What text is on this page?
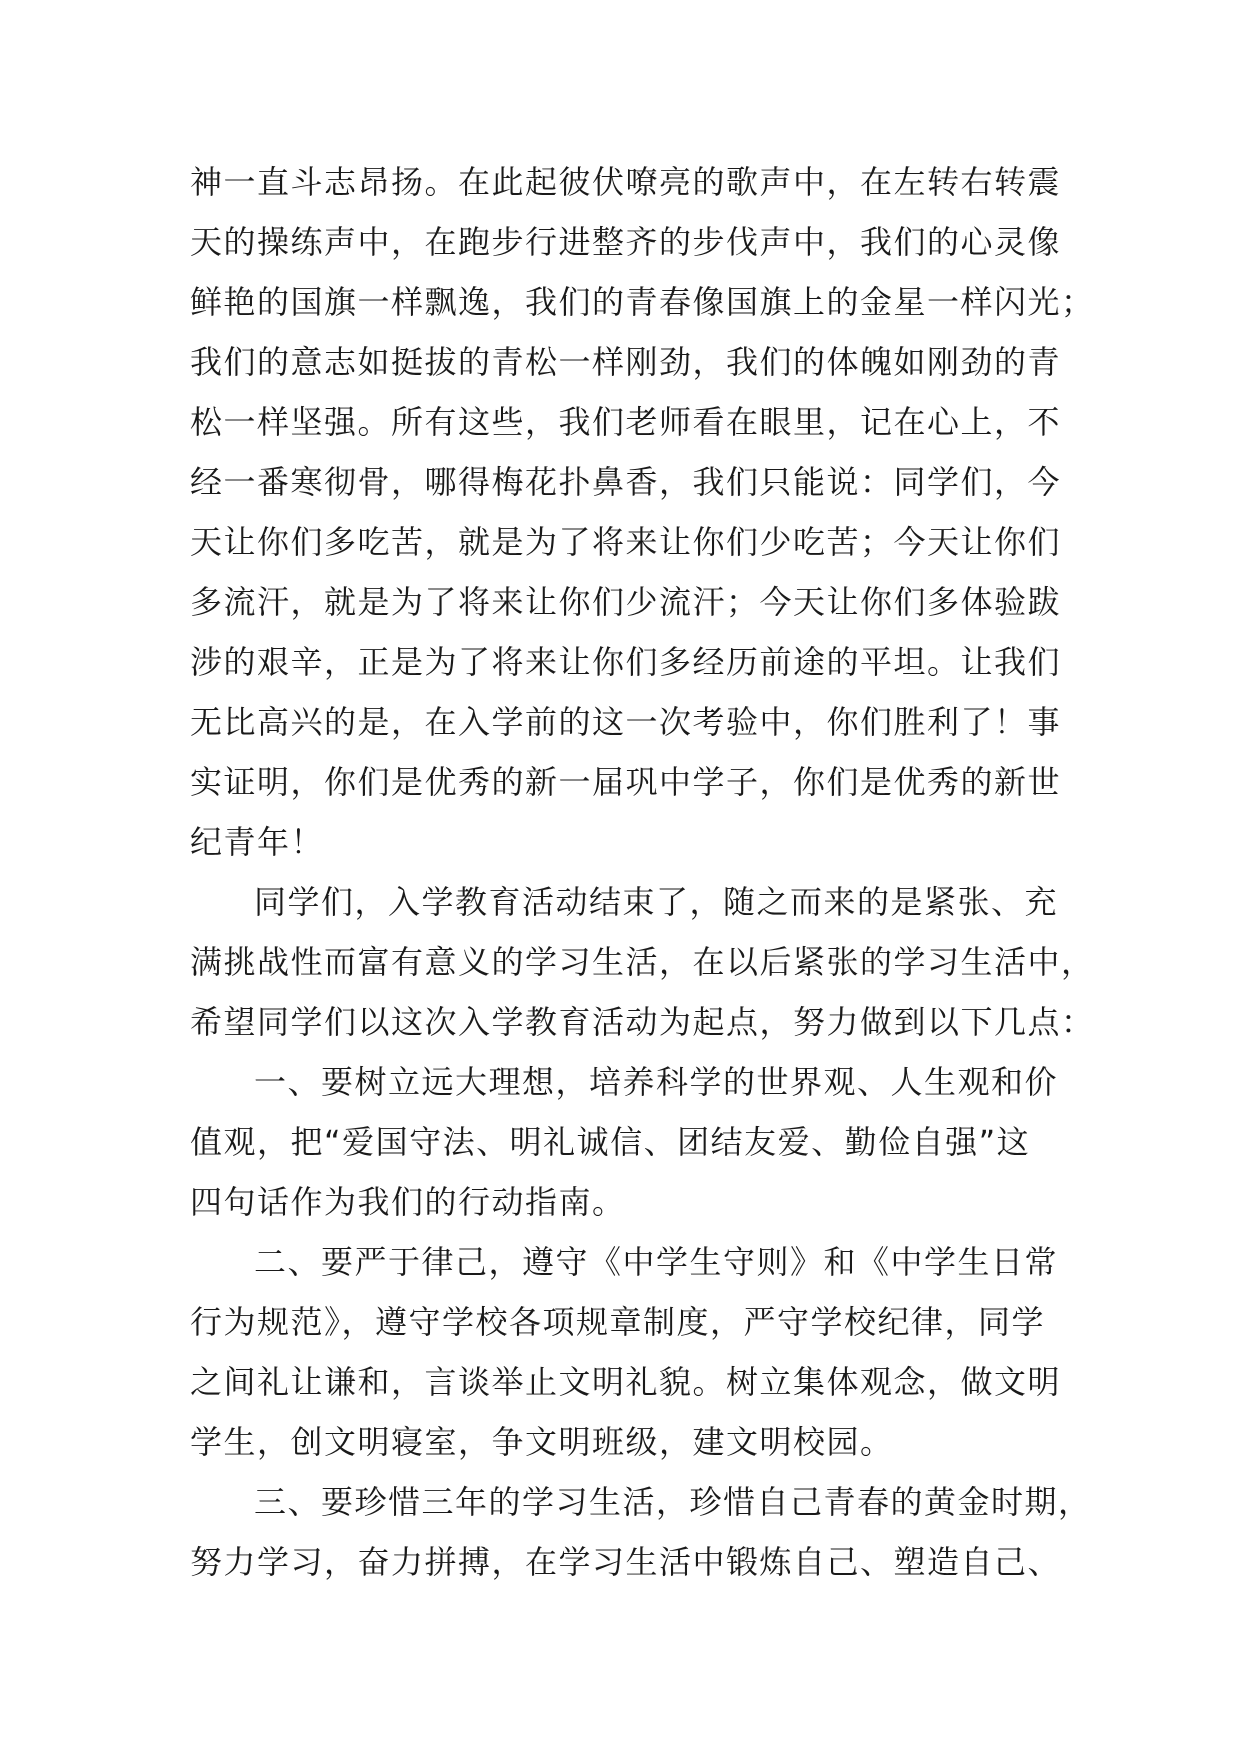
神一直斗志昂扬。在此起彼伏嘹亮的歌声中，在左转右转震
天的操练声中，在跑步行进整齐的步伐声中，我们的心灵像
鲜艳的国旗一样飘逸，我们的青春像国旗上的金星一样闪光；
我们的意志如挺拔的青松一样刚劲，我们的体魄如刚劲的青
松一样坚强。所有这些，我们老师看在眼里，记在心上，不
经一番寒彻骨，哪得梅花扑鼻香，我们只能说：同学们，今
天让你们多吃苦，就是为了将来让你们少吃苦；今天让你们
多流汗，就是为了将来让你们少流汗；今天让你们多体验跋
涉的艰辛，正是为了将来让你们多经历前途的平坦。让我们
无比高兴的是，在入学前的这一次考验中，你们胜利了！事
实证明，你们是优秀的新一届巩中学子，你们是优秀的新世
纪青年！
同学们，入学教育活动结束了，随之而来的是紧张、充
满挑战性而富有意义的学习生活，在以后紧张的学习生活中，
希望同学们以这次入学教育活动为起点，努力做到以下几点：
一、要树立远大理想，培养科学的世界观、人生观和价
值观，把“爱国守法、明礼诚信、团结友爱、勤俭自强”这
四句话作为我们的行动指南。
二、要严于律己，遵守《中学生守则》和《中学生日常
行为规范》，遵守学校各项规章制度，严守学校纪律，同学
之间礼让谦和，言谈举止文明礼貌。树立集体观念，做文明
学生，创文明寝室，争文明班级，建文明校园。
三、要珍惜三年的学习生活，珍惜自己青春的黄金时期，
努力学习，奋力拼搏，在学习生活中锻炼自己、塑造自己、
